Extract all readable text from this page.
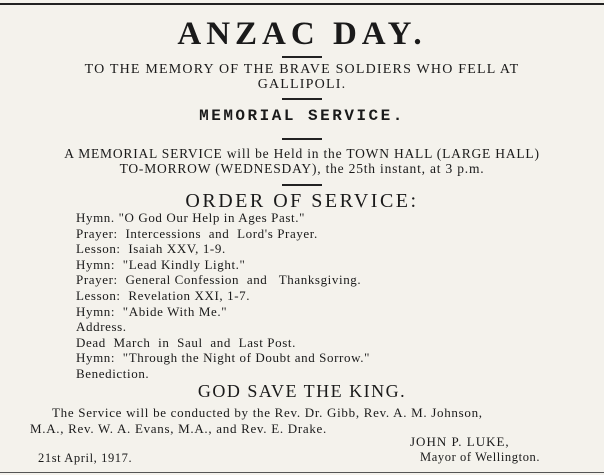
ANZAC DAY.
TO THE MEMORY OF THE BRAVE SOLDIERS WHO FELL AT
GALLIPOLI.
MEMORIAL SERVICE.
A MEMORIAL SERVICE will be Held in the TOWN HALL (LARGE HALL)
TO-MORROW (WEDNESDAY), the 25th instant, at 3 p.m.
ORDER OF SERVICE:
Hymn. "O God Our Help in Ages Past."
Prayer:  Intercessions  and  Lord's Prayer.
Lesson:  Isaiah XXV, 1-9.
Hymn:  "Lead Kindly Light."
Prayer:  General Confession  and   Thanksgiving.
Lesson:  Revelation XXI, 1-7.
Hymn:  "Abide With Me."
Address.
Dead  March  in  Saul  and  Last Post.
Hymn:  "Through the Night of Doubt and Sorrow."
Benediction.
GOD SAVE THE KING.
The Service will be conducted by the Rev. Dr. Gibb, Rev. A. M. Johnson,
M.A., Rev. W. A. Evans, M.A., and Rev. E. Drake.
JOHN P. LUKE,
21st April, 1917.	Mayor of Wellington.
